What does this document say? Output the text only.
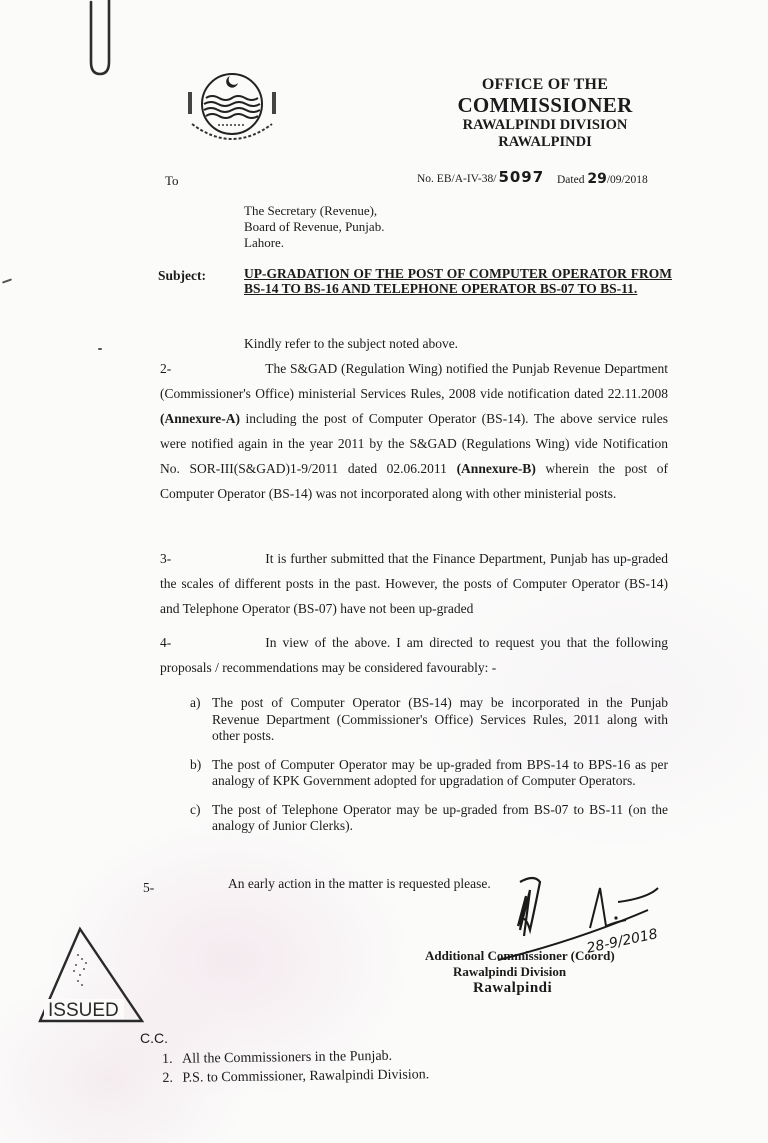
OFFICE OF THE
COMMISSIONER
RAWALPINDI DIVISION
RAWALPINDI
To	No. EB/A-IV-38/ 5097 Dated 29/09/2018
The Secretary (Revenue),
Board of Revenue, Punjab.
Lahore.
Subject:	UP-GRADATION OF THE POST OF COMPUTER OPERATOR FROM BS-14 TO BS-16 AND TELEPHONE OPERATOR BS-07 TO BS-11.
Kindly refer to the subject noted above.
2-	The S&GAD (Regulation Wing) notified the Punjab Revenue Department (Commissioner's Office) ministerial Services Rules, 2008 vide notification dated 22.11.2008 (Annexure-A) including the post of Computer Operator (BS-14). The above service rules were notified again in the year 2011 by the S&GAD (Regulations Wing) vide Notification No. SOR-III(S&GAD)1-9/2011 dated 02.06.2011 (Annexure-B) wherein the post of Computer Operator (BS-14) was not incorporated along with other ministerial posts.
3-	It is further submitted that the Finance Department, Punjab has up-graded the scales of different posts in the past. However, the posts of Computer Operator (BS-14) and Telephone Operator (BS-07) have not been up-graded
4-	In view of the above. I am directed to request you that the following proposals / recommendations may be considered favourably: -
a) The post of Computer Operator (BS-14) may be incorporated in the Punjab Revenue Department (Commissioner's Office) Services Rules, 2011 along with other posts.
b) The post of Computer Operator may be up-graded from BPS-14 to BPS-16 as per analogy of KPK Government adopted for upgradation of Computer Operators.
c) The post of Telephone Operator may be up-graded from BS-07 to BS-11 (on the analogy of Junior Clerks).
5-	An early action in the matter is requested please.
28-9/2018
Additional Commissioner (Coord)
Rawalpindi Division
Rawalpindi
ISSUED
C.C.
1. All the Commissioners in the Punjab.
2. P.S. to Commissioner, Rawalpindi Division.
